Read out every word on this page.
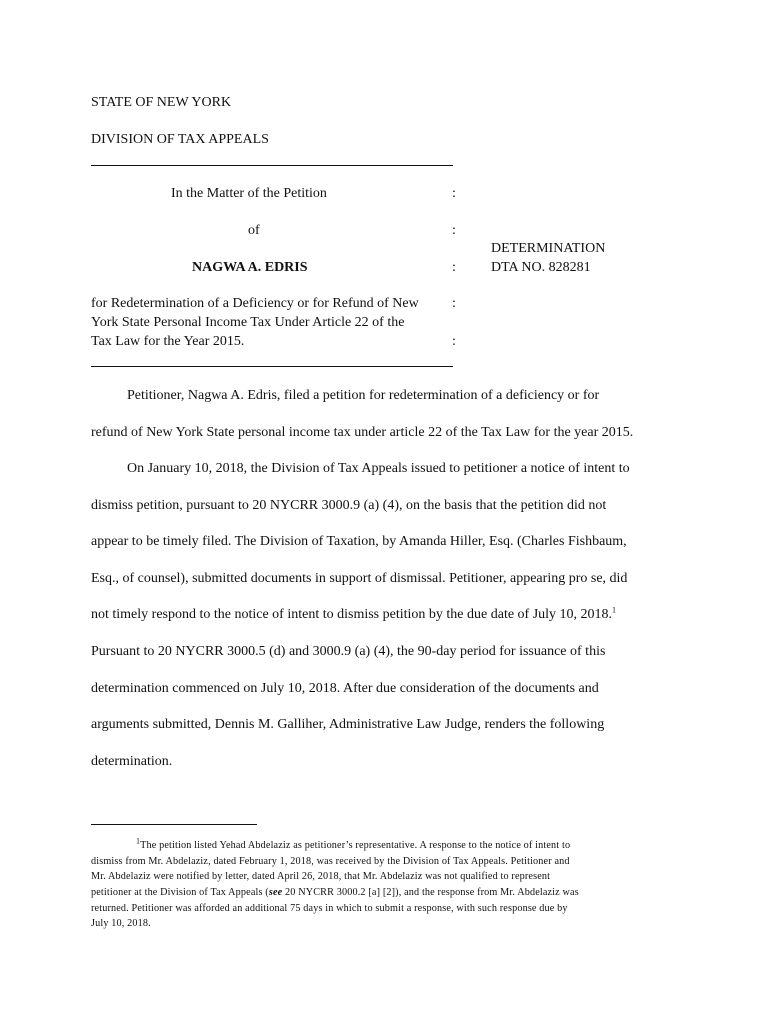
STATE OF NEW YORK
DIVISION OF TAX APPEALS
In the Matter of the Petition
of
NAGWA A. EDRIS
for Redetermination of a Deficiency or for Refund of New
York State Personal Income Tax Under Article 22 of the
Tax Law for the Year 2015.
:
:
:
:
:
DETERMINATION
DTA NO. 828281
Petitioner, Nagwa A. Edris, filed a petition for redetermination of a deficiency or for
refund of New York State personal income tax under article 22 of the Tax Law for the year 2015.
On January 10, 2018, the Division of Tax Appeals issued to petitioner a notice of intent to
dismiss petition, pursuant to 20 NYCRR 3000.9 (a) (4), on the basis that the petition did not
appear to be timely filed. The Division of Taxation, by Amanda Hiller, Esq. (Charles Fishbaum,
Esq., of counsel), submitted documents in support of dismissal. Petitioner, appearing pro se, did
not timely respond to the notice of intent to dismiss petition by the due date of July 10, 2018.$^1$
Pursuant to 20 NYCRR 3000.5 (d) and 3000.9 (a) (4), the 90-day period for issuance of this
determination commenced on July 10, 2018. After due consideration of the documents and
arguments submitted, Dennis M. Galliher, Administrative Law Judge, renders the following
determination.
$^1$The petition listed Yehad Abdelaziz as petitioner’s representative. A response to the notice of intent to
dismiss from Mr. Abdelaziz, dated February 1, 2018, was received by the Division of Tax Appeals. Petitioner and
Mr. Abdelaziz were notified by letter, dated April 26, 2018, that Mr. Abdelaziz was not qualified to represent
petitioner at the Division of Tax Appeals (see 20 NYCRR 3000.2 [a] [2]), and the response from Mr. Abdelaziz was
returned. Petitioner was afforded an additional 75 days in which to submit a response, with such response due by
July 10, 2018.
